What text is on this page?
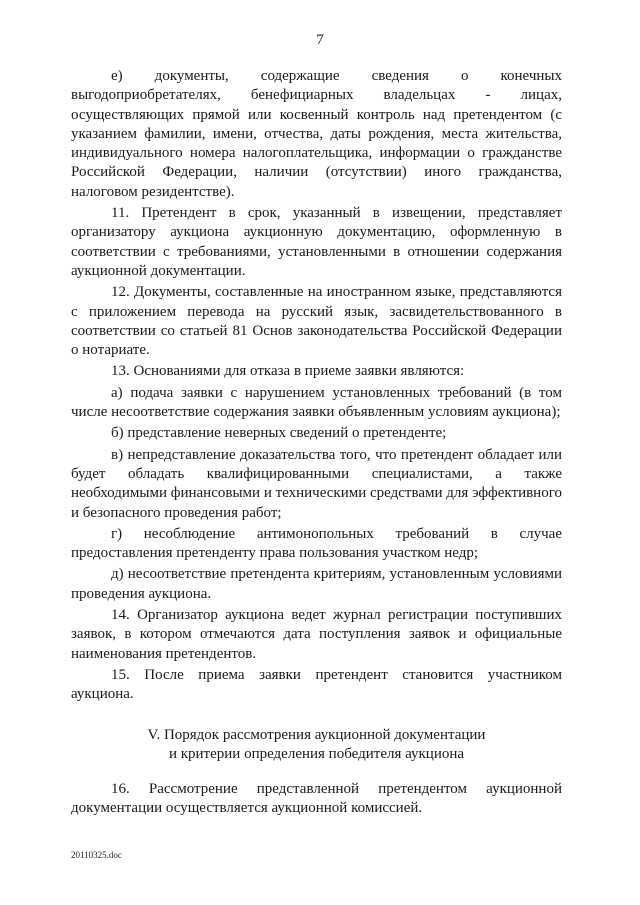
7

е) документы, содержащие сведения о конечных выгодоприобретателях, бенефициарных владельцах - лицах, осуществляющих прямой или косвенный контроль над претендентом (с указанием фамилии, имени, отчества, даты рождения, места жительства, индивидуального номера налогоплательщика, информации о гражданстве Российской Федерации, наличии (отсутствии) иного гражданства, налоговом резидентстве).

11. Претендент в срок, указанный в извещении, представляет организатору аукциона аукционную документацию, оформленную в соответствии с требованиями, установленными в отношении содержания аукционной документации.

12. Документы, составленные на иностранном языке, представляются с приложением перевода на русский язык, засвидетельствованного в соответствии со статьей 81 Основ законодательства Российской Федерации о нотариате.

13. Основаниями для отказа в приеме заявки являются:

а) подача заявки с нарушением установленных требований (в том числе несоответствие содержания заявки объявленным условиям аукциона);

б) представление неверных сведений о претенденте;

в) непредставление доказательства того, что претендент обладает или будет обладать квалифицированными специалистами, а также необходимыми финансовыми и техническими средствами для эффективного и безопасного проведения работ;

г) несоблюдение антимонопольных требований в случае предоставления претенденту права пользования участком недр;

д) несоответствие претендента критериям, установленным условиями проведения аукциона.

14. Организатор аукциона ведет журнал регистрации поступивших заявок, в котором отмечаются дата поступления заявок и официальные наименования претендентов.

15. После приема заявки претендент становится участником аукциона.

V. Порядок рассмотрения аукционной документации
и критерии определения победителя аукциона

16. Рассмотрение представленной претендентом аукционной документации осуществляется аукционной комиссией.

20110325.doc
